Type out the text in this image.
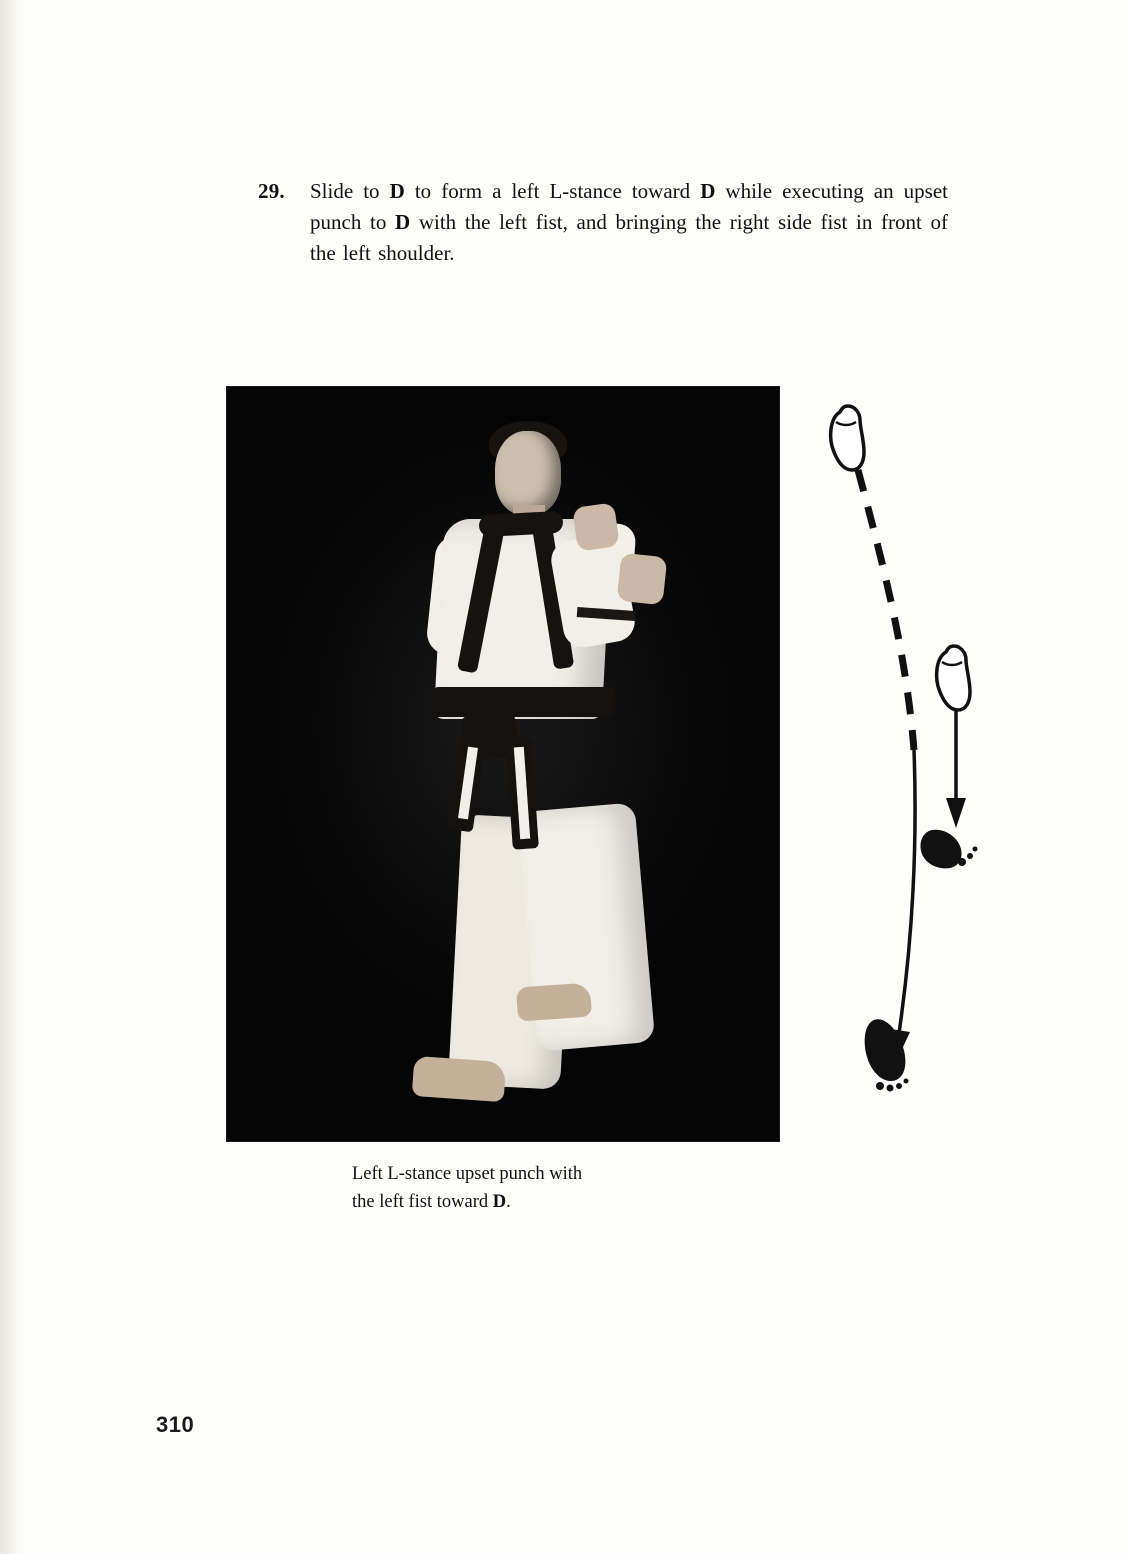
29.	Slide to D to form a left L-stance toward D while executing an upset punch to D with the left fist, and bringing the right side fist in front of the left shoulder.
Left L-stance upset punch with
the left fist toward D.
310
